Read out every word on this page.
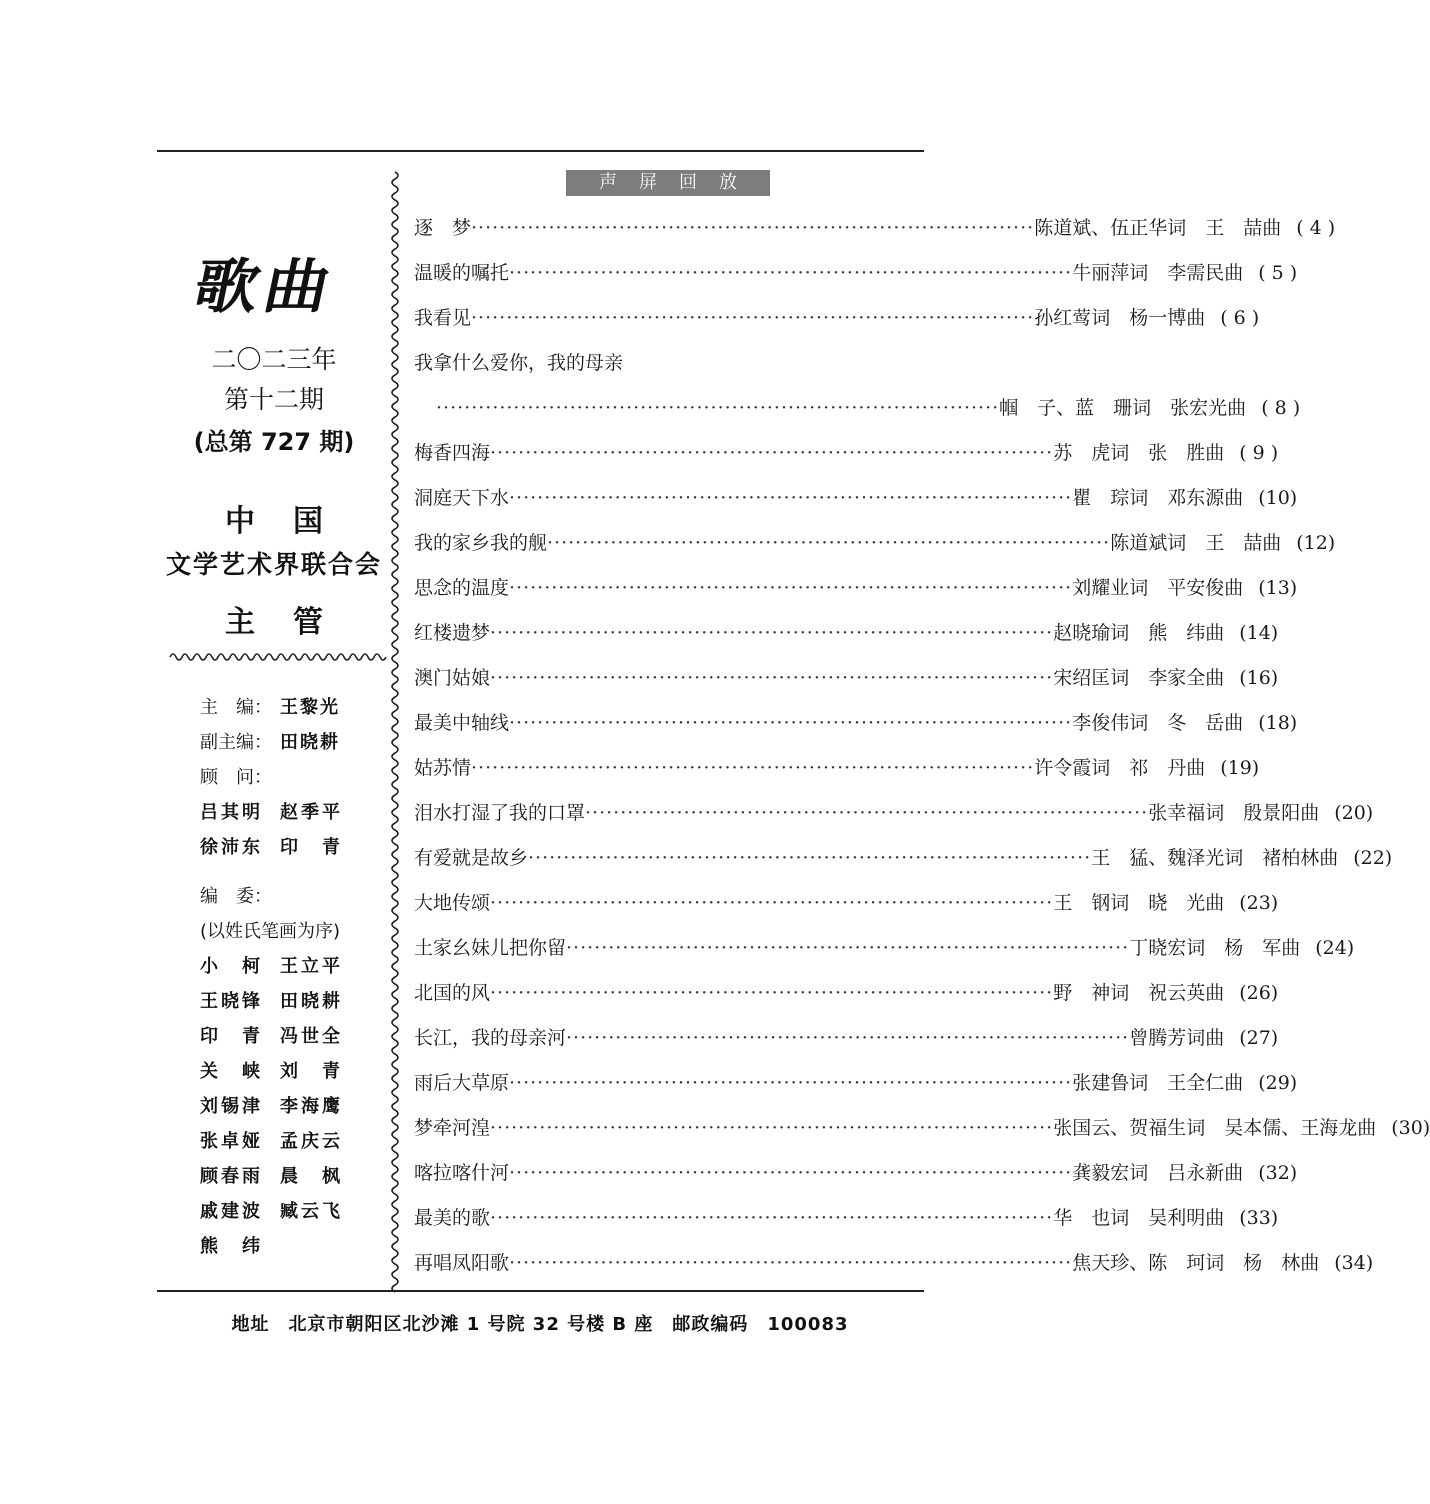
歌曲
二〇二三年
第十二期
(总第 727 期)
中国
文学艺术界联合会
主管
主　编： 王黎光
副主编： 田晓耕
顾　问：
吕其明 赵季平
徐沛东 印　青
编　委：
(以姓氏笔画为序)
小　柯 王立平
王晓锋 田晓耕
印　青 冯世全
关　峡 刘　青
刘锡津 李海鹰
张卓娅 孟庆云
顾春雨 晨　枫
戚建波 臧云飞
熊　纬
声屏回放
逐　梦 ················································································ 陈道斌、伍正华词　王　喆曲 ( 4 )
温暖的嘱托 ················································································ 牛丽萍词　李需民曲 ( 5 )
我看见 ················································································ 孙红莺词　杨一博曲 ( 6 )
我拿什么爱你，我的母亲
················································································ 帼　子、蓝　珊词　张宏光曲 ( 8 )
梅香四海 ················································································ 苏　虎词　张　胜曲 ( 9 )
洞庭天下水 ················································································ 瞿　琮词　邓东源曲 (10)
我的家乡我的舰 ················································································ 陈道斌词　王　喆曲 (12)
思念的温度 ················································································ 刘耀业词　平安俊曲 (13)
红楼遗梦 ················································································ 赵晓瑜词　熊　纬曲 (14)
澳门姑娘 ················································································ 宋绍匡词　李家全曲 (16)
最美中轴线 ················································································ 李俊伟词　冬　岳曲 (18)
姑苏情 ················································································ 许令霞词　祁　丹曲 (19)
泪水打湿了我的口罩 ················································································ 张幸福词　殷景阳曲 (20)
有爱就是故乡 ················································································ 王　猛、魏泽光词　褚柏林曲 (22)
大地传颂 ················································································ 王　钢词　晓　光曲 (23)
土家幺妹儿把你留 ················································································ 丁晓宏词　杨　军曲 (24)
北国的风 ················································································ 野　神词　祝云英曲 (26)
长江，我的母亲河 ················································································ 曾腾芳词曲 (27)
雨后大草原 ················································································ 张建鲁词　王全仁曲 (29)
梦牵河湟 ················································································ 张国云、贺福生词　吴本儒、王海龙曲 (30)
喀拉喀什河 ················································································ 龚毅宏词　吕永新曲 (32)
最美的歌 ················································································ 华　也词　吴利明曲 (33)
再唱凤阳歌 ················································································ 焦天珍、陈　珂词　杨　林曲 (34)
地址　北京市朝阳区北沙滩 1 号院 32 号楼 B 座　邮政编码　100083
